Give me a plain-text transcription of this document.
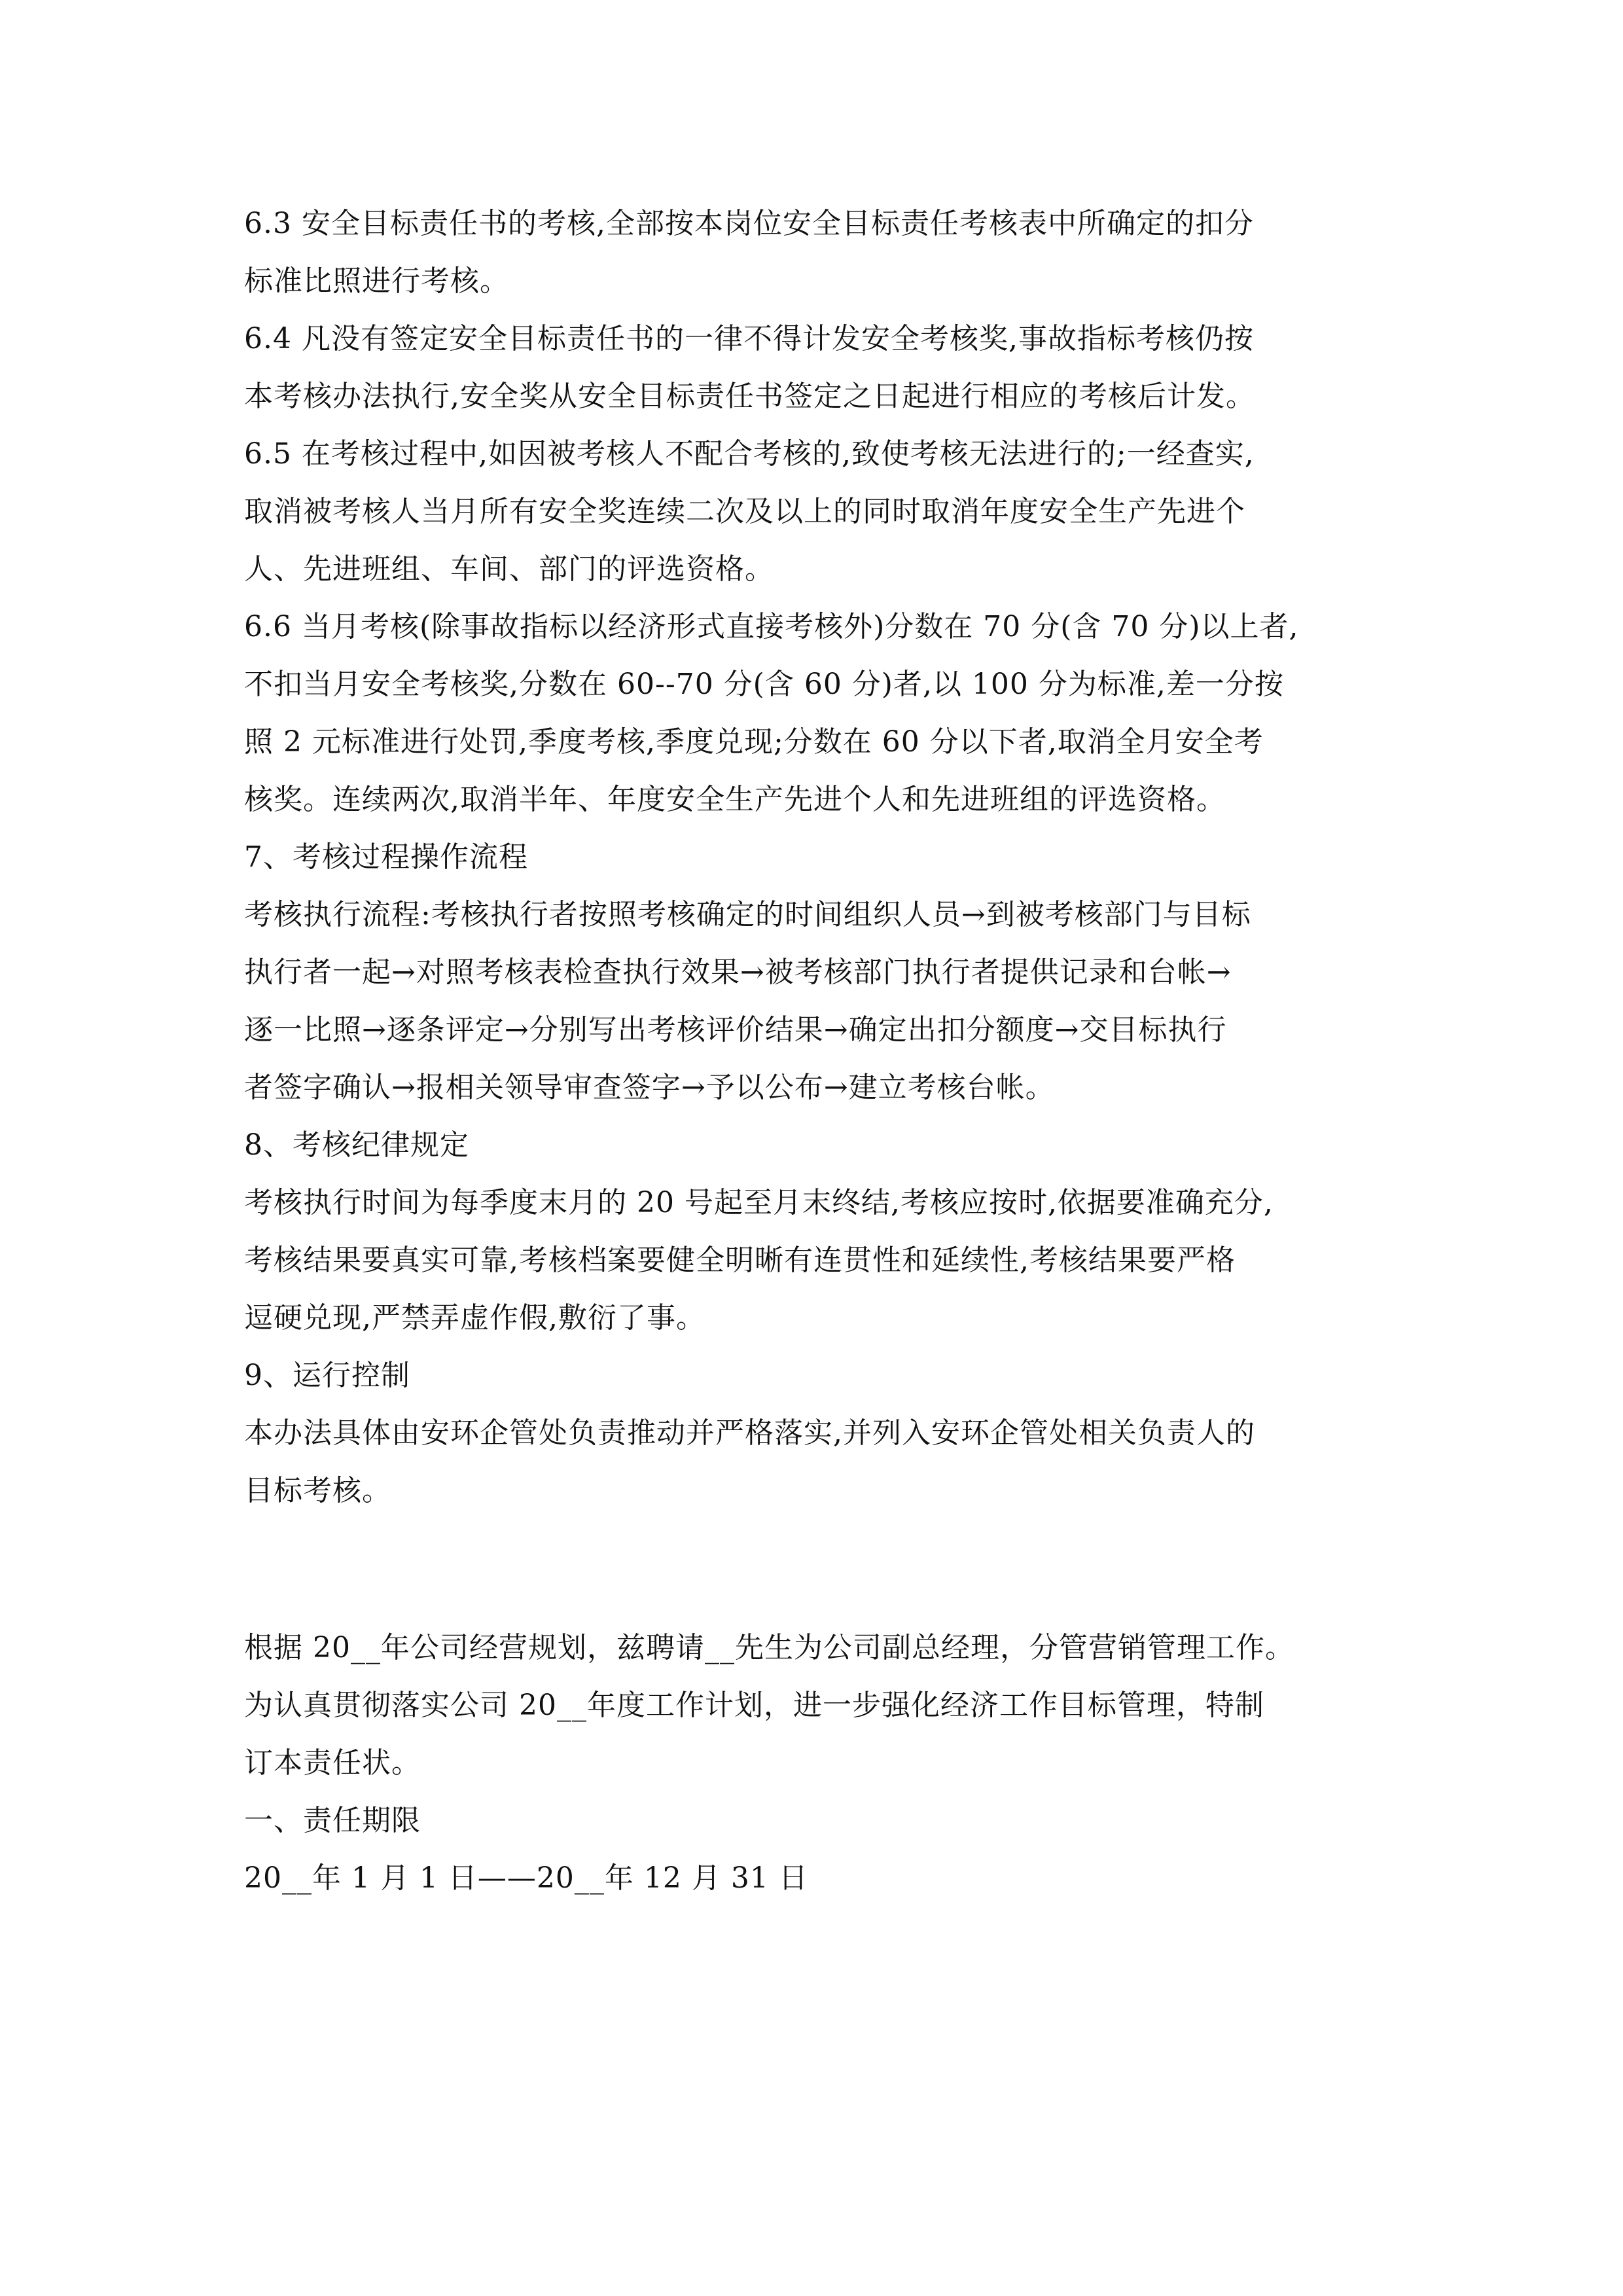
6.3 安全目标责任书的考核,全部按本岗位安全目标责任考核表中所确定的扣分
标准比照进行考核。
6.4 凡没有签定安全目标责任书的一律不得计发安全考核奖,事故指标考核仍按
本考核办法执行,安全奖从安全目标责任书签定之日起进行相应的考核后计发。
6.5 在考核过程中,如因被考核人不配合考核的,致使考核无法进行的;一经查实,
取消被考核人当月所有安全奖连续二次及以上的同时取消年度安全生产先进个
人、先进班组、车间、部门的评选资格。
6.6 当月考核(除事故指标以经济形式直接考核外)分数在 70 分(含 70 分)以上者,
不扣当月安全考核奖,分数在 60--70 分(含 60 分)者,以 100 分为标准,差一分按
照 2 元标准进行处罚,季度考核,季度兑现;分数在 60 分以下者,取消全月安全考
核奖。连续两次,取消半年、年度安全生产先进个人和先进班组的评选资格。
7、考核过程操作流程
考核执行流程:考核执行者按照考核确定的时间组织人员→到被考核部门与目标
执行者一起→对照考核表检查执行效果→被考核部门执行者提供记录和台帐→
逐一比照→逐条评定→分别写出考核评价结果→确定出扣分额度→交目标执行
者签字确认→报相关领导审查签字→予以公布→建立考核台帐。
8、考核纪律规定
考核执行时间为每季度末月的 20 号起至月末终结,考核应按时,依据要准确充分,
考核结果要真实可靠,考核档案要健全明晰有连贯性和延续性,考核结果要严格
逗硬兑现,严禁弄虚作假,敷衍了事。
9、运行控制
本办法具体由安环企管处负责推动并严格落实,并列入安环企管处相关负责人的
目标考核。
根据 20__年公司经营规划，兹聘请__先生为公司副总经理，分管营销管理工作。
为认真贯彻落实公司 20__年度工作计划，进一步强化经济工作目标管理，特制
订本责任状。
一、责任期限
20__年 1 月 1 日——20__年 12 月 31 日
